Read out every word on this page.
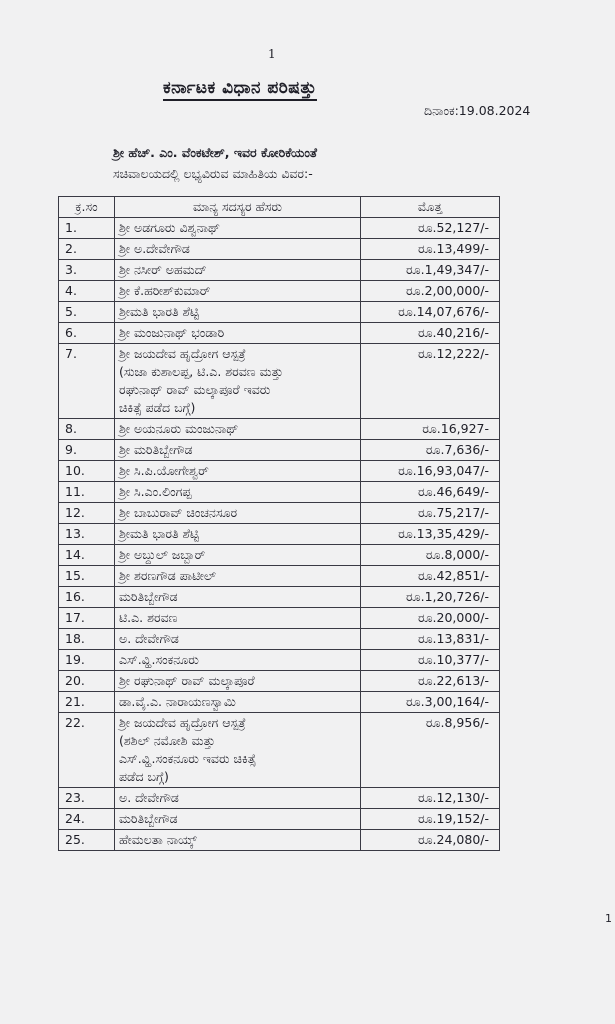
1
ಕರ್ನಾಟಕ ವಿಧಾನ ಪರಿಷತ್ತು
ದಿನಾಂಕ:19.08.2024
ಶ್ರೀ ಹೆಚ್. ಎಂ. ವೆಂಕಟೇಶ್, ಇವರ ಕೋರಿಕೆಯಂತೆ
ಸಚಿವಾಲಯದಲ್ಲಿ ಲಭ್ಯವಿರುವ ಮಾಹಿತಿಯ ವಿವರ:-
ಕ್ರ.ಸಂ	ಮಾನ್ಯ ಸದಸ್ಯರ ಹೆಸರು	ಮೊತ್ತ
1.	ಶ್ರೀ ಅಡಗೂರು ವಿಶ್ವನಾಥ್	ರೂ.52,127/-
2.	ಶ್ರೀ ಅ.ದೇವೇಗೌಡ	ರೂ.13,499/-
3.	ಶ್ರೀ ನಸೀರ್ ಅಹಮದ್	ರೂ.1,49,347/-
4.	ಶ್ರೀ ಕೆ.ಹರೀಶ್‌ಕುಮಾರ್	ರೂ.2,00,000/-
5.	ಶ್ರೀಮತಿ ಭಾರತಿ ಶೆಟ್ಟಿ	ರೂ.14,07,676/-
6.	ಶ್ರೀ ಮಂಜುನಾಥ್ ಭಂಡಾರಿ	ರೂ.40,216/-
7.	ಶ್ರೀ ಜಯದೇವ ಹೃದ್ರೋಗ ಆಸ್ಪತ್ರೆ
(ಸುಜಾ ಕುಶಾಲಪ್ಪ, ಟಿ.ಎ. ಶರವಣ ಮತ್ತು
ರಘುನಾಥ್ ರಾವ್ ಮಲ್ಕಾಪೂರೆ ಇವರು
ಚಿಕಿತ್ಸೆ ಪಡೆದ ಬಗ್ಗೆ)	ರೂ.12,222/-
8.	ಶ್ರೀ ಅಯನೂರು ಮಂಜುನಾಥ್	ರೂ.16,927-
9.	ಶ್ರೀ ಮರಿತಿಬ್ಬೇಗೌಡ	ರೂ.7,636/-
10.	ಶ್ರೀ ಸಿ.ಪಿ.ಯೋಗೇಶ್ವರ್	ರೂ.16,93,047/-
11.	ಶ್ರೀ ಸಿ.ಎಂ.ಲಿಂಗಪ್ಪ	ರೂ.46,649/-
12.	ಶ್ರೀ ಬಾಬುರಾವ್ ಚಿಂಚನಸೂರ	ರೂ.75,217/-
13.	ಶ್ರೀಮತಿ ಭಾರತಿ ಶೆಟ್ಟಿ	ರೂ.13,35,429/-
14.	ಶ್ರೀ ಅಬ್ದುಲ್ ಜಬ್ಬಾರ್	ರೂ.8,000/-
15.	ಶ್ರೀ ಶರಣಗೌಡ ಪಾಟೀಲ್	ರೂ.42,851/-
16.	ಮರಿತಿಬ್ಬೇಗೌಡ	ರೂ.1,20,726/-
17.	ಟಿ.ಎ. ಶರವಣ	ರೂ.20,000/-
18.	ಅ. ದೇವೇಗೌಡ	ರೂ.13,831/-
19.	ಎಸ್.ವ್ಹಿ.ಸಂಕನೂರು	ರೂ.10,377/-
20.	ಶ್ರೀ ರಘುನಾಥ್ ರಾವ್ ಮಲ್ಕಾಪೂರೆ	ರೂ.22,613/-
21.	ಡಾ.ವೈ.ಎ. ನಾರಾಯಣಸ್ವಾಮಿ	ರೂ.3,00,164/-
22.	ಶ್ರೀ ಜಯದೇವ ಹೃದ್ರೋಗ ಆಸ್ಪತ್ರೆ
(ಶಶಿಲ್ ನಮೋಶಿ ಮತ್ತು
ಎಸ್.ವ್ಹಿ.ಸಂಕನೂರು ಇವರು ಚಿಕಿತ್ಸೆ
ಪಡೆದ ಬಗ್ಗೆ)	ರೂ.8,956/-
23.	ಅ. ದೇವೇಗೌಡ	ರೂ.12,130/-
24.	ಮರಿತಿಬ್ಬೇಗೌಡ	ರೂ.19,152/-
25.	ಹೇಮಲತಾ ನಾಯ್ಕ್	ರೂ.24,080/-
1
